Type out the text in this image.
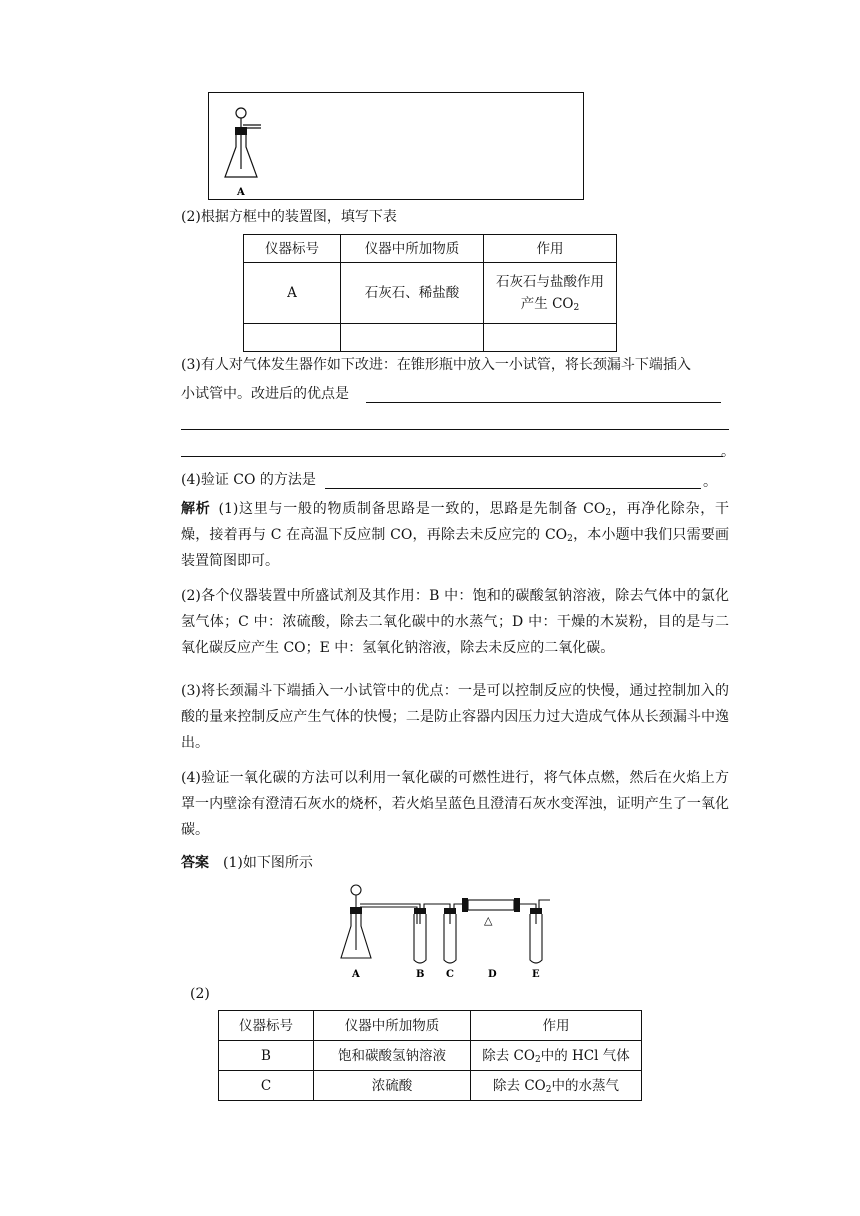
A
(2)根据方框中的装置图，填写下表
仪器标号	仪器中所加物质	作用
A	石灰石、稀盐酸	石灰石与盐酸作用
产生 $CO_2$

(3)有人对气体发生器作如下改进：在锥形瓶中放入一小试管，将长颈漏斗下端插入
小试管中。改进后的优点是
。
(4)验证 CO 的方法是	。
解析 (1)这里与一般的物质制备思路是一致的，思路是先制备 $CO_2$，再净化除杂，干燥，接着再与 C 在高温下反应制 CO，再除去未反应完的 $CO_2$，本小题中我们只需要画装置简图即可。
(2)各个仪器装置中所盛试剂及其作用：B 中：饱和的碳酸氢钠溶液，除去气体中的氯化氢气体；C 中：浓硫酸，除去二氧化碳中的水蒸气；D 中：干燥的木炭粉，目的是与二氧化碳反应产生 CO；E 中：氢氧化钠溶液，除去未反应的二氧化碳。
(3)将长颈漏斗下端插入一小试管中的优点：一是可以控制反应的快慢，通过控制加入的酸的量来控制反应产生气体的快慢；二是防止容器内因压力过大造成气体从长颈漏斗中逸出。
(4)验证一氧化碳的方法可以利用一氧化碳的可燃性进行，将气体点燃，然后在火焰上方罩一内壁涂有澄清石灰水的烧杯，若火焰呈蓝色且澄清石灰水变浑浊，证明产生了一氧化碳。
答案 (1)如下图所示
△
A	B C	D	E
(2)
仪器标号	仪器中所加物质	作用
B	饱和碳酸氢钠溶液	除去 $CO_2$中的 HCl 气体
C	浓硫酸	除去 $CO_2$中的水蒸气
